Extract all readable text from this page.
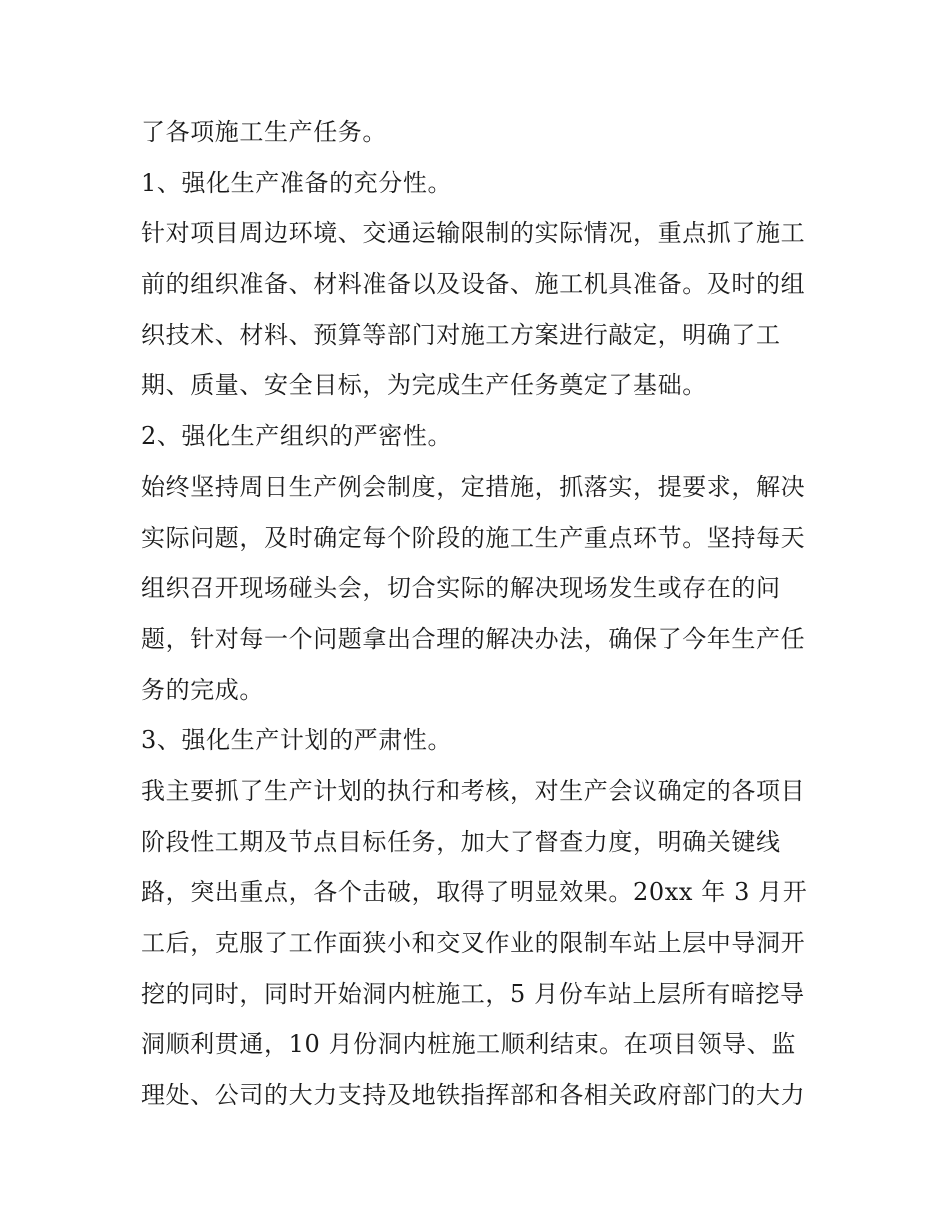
了各项施工生产任务。
1、强化生产准备的充分性。
针对项目周边环境、交通运输限制的实际情况，重点抓了施工
前的组织准备、材料准备以及设备、施工机具准备。及时的组
织技术、材料、预算等部门对施工方案进行敲定，明确了工
期、质量、安全目标，为完成生产任务奠定了基础。
2、强化生产组织的严密性。
始终坚持周日生产例会制度，定措施，抓落实，提要求，解决
实际问题，及时确定每个阶段的施工生产重点环节。坚持每天
组织召开现场碰头会，切合实际的解决现场发生或存在的问
题，针对每一个问题拿出合理的解决办法，确保了今年生产任
务的完成。
3、强化生产计划的严肃性。
我主要抓了生产计划的执行和考核，对生产会议确定的各项目
阶段性工期及节点目标任务，加大了督查力度，明确关键线
路，突出重点，各个击破，取得了明显效果。20xx 年 3 月开
工后，克服了工作面狭小和交叉作业的限制车站上层中导洞开
挖的同时，同时开始洞内桩施工，5 月份车站上层所有暗挖导
洞顺利贯通，10 月份洞内桩施工顺利结束。在项目领导、监
理处、公司的大力支持及地铁指挥部和各相关政府部门的大力
